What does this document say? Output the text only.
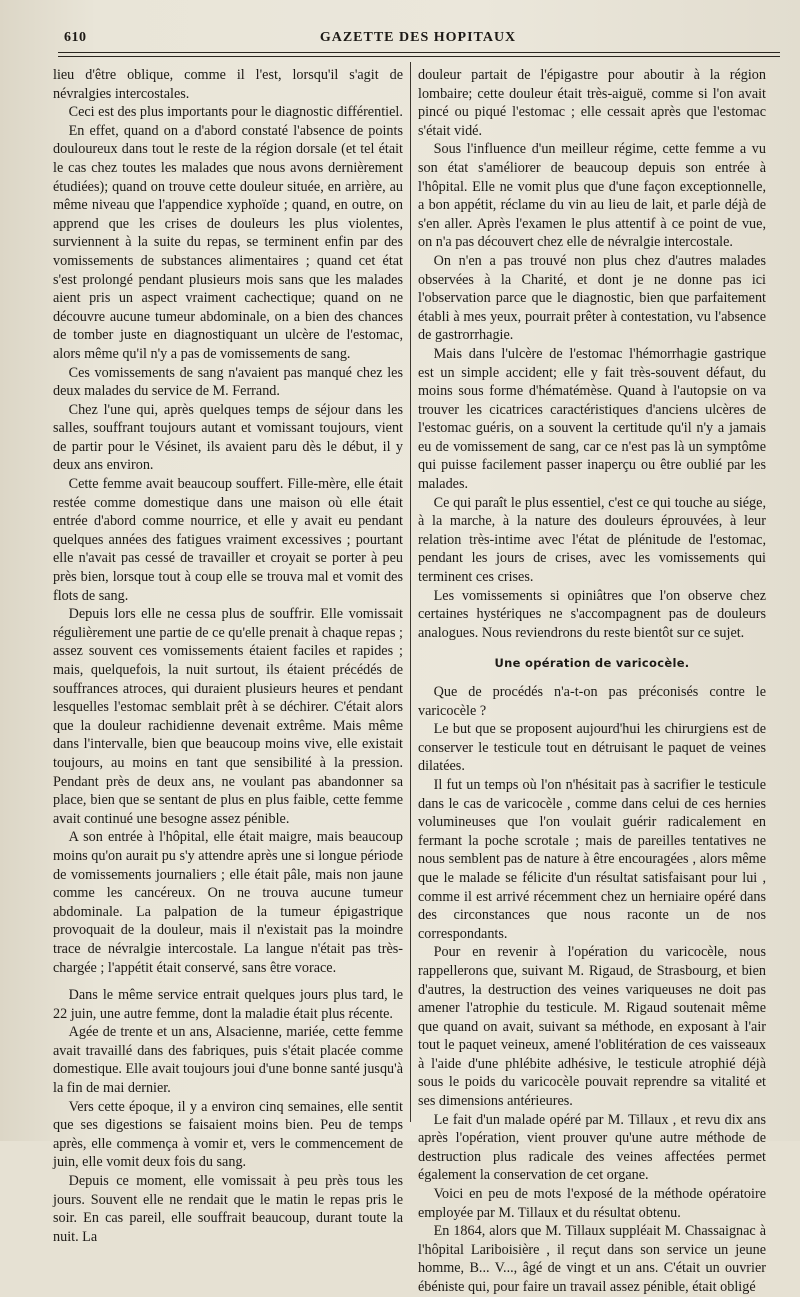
610	GAZETTE DES HOPITAUX

lieu d'être oblique, comme il l'est, lorsqu'il s'agit de névralgies intercostales.

Ceci est des plus importants pour le diagnostic différentiel.

En effet, quand on a d'abord constaté l'absence de points douloureux dans tout le reste de la région dorsale (et tel était le cas chez toutes les malades que nous avons dernièrement étudiées); quand on trouve cette douleur située, en arrière, au même niveau que l'appendice xyphoïde ; quand, en outre, on apprend que les crises de douleurs les plus violentes, surviennent à la suite du repas, se terminent enfin par des vomissements de substances alimentaires ; quand cet état s'est prolongé pendant plusieurs mois sans que les malades aient pris un aspect vraiment cachectique; quand on ne découvre aucune tumeur abdominale, on a bien des chances de tomber juste en diagnostiquant un ulcère de l'estomac, alors même qu'il n'y a pas de vomissements de sang.

Ces vomissements de sang n'avaient pas manqué chez les deux malades du service de M. Ferrand.

Chez l'une qui, après quelques temps de séjour dans les salles, souffrant toujours autant et vomissant toujours, vient de partir pour le Vésinet, ils avaient paru dès le début, il y deux ans environ.

Cette femme avait beaucoup souffert. Fille-mère, elle était restée comme domestique dans une maison où elle était entrée d'abord comme nourrice, et elle y avait eu pendant quelques années des fatigues vraiment excessives ; pourtant elle n'avait pas cessé de travailler et croyait se porter à peu près bien, lorsque tout à coup elle se trouva mal et vomit des flots de sang.

Depuis lors elle ne cessa plus de souffrir. Elle vomissait régulièrement une partie de ce qu'elle prenait à chaque repas ; assez souvent ces vomissements étaient faciles et rapides ; mais, quelquefois, la nuit surtout, ils étaient précédés de souffrances atroces, qui duraient plusieurs heures et pendant lesquelles l'estomac semblait prêt à se déchirer. C'était alors que la douleur rachidienne devenait extrême. Mais même dans l'intervalle, bien que beaucoup moins vive, elle existait toujours, au moins en tant que sensibilité à la pression. Pendant près de deux ans, ne voulant pas abandonner sa place, bien que se sentant de plus en plus faible, cette femme avait continué une besogne assez pénible.

A son entrée à l'hôpital, elle était maigre, mais beaucoup moins qu'on aurait pu s'y attendre après une si longue période de vomissements journaliers ; elle était pâle, mais non jaune comme les cancéreux. On ne trouva aucune tumeur abdominale. La palpation de la tumeur épigastrique provoquait de la douleur, mais il n'existait pas la moindre trace de névralgie intercostale. La langue n'était pas très-chargée ; l'appétit était conservé, sans être vorace.

Dans le même service entrait quelques jours plus tard, le 22 juin, une autre femme, dont la maladie était plus récente.

Agée de trente et un ans, Alsacienne, mariée, cette femme avait travaillé dans des fabriques, puis s'était placée comme domestique. Elle avait toujours joui d'une bonne santé jusqu'à la fin de mai dernier.

Vers cette époque, il y a environ cinq semaines, elle sentit que ses digestions se faisaient moins bien. Peu de temps après, elle commença à vomir et, vers le commencement de juin, elle vomit deux fois du sang.

Depuis ce moment, elle vomissait à peu près tous les jours. Souvent elle ne rendait que le matin le repas pris le soir. En cas pareil, elle souffrait beaucoup, durant toute la nuit. La

douleur partait de l'épigastre pour aboutir à la région lombaire; cette douleur était très-aiguë, comme si l'on avait pincé ou piqué l'estomac ; elle cessait après que l'estomac s'était vidé.

Sous l'influence d'un meilleur régime, cette femme a vu son état s'améliorer de beaucoup depuis son entrée à l'hôpital. Elle ne vomit plus que d'une façon exceptionnelle, a bon appétit, réclame du vin au lieu de lait, et parle déjà de s'en aller. Après l'examen le plus attentif à ce point de vue, on n'a pas découvert chez elle de névralgie intercostale.

On n'en a pas trouvé non plus chez d'autres malades observées à la Charité, et dont je ne donne pas ici l'observation parce que le diagnostic, bien que parfaitement établi à mes yeux, pourrait prêter à contestation, vu l'absence de gastrorrhagie.

Mais dans l'ulcère de l'estomac l'hémorrhagie gastrique est un simple accident; elle y fait très-souvent défaut, du moins sous forme d'hématémèse. Quand à l'autopsie on va trouver les cicatrices caractéristiques d'anciens ulcères de l'estomac guéris, on a souvent la certitude qu'il n'y a jamais eu de vomissement de sang, car ce n'est pas là un symptôme qui puisse facilement passer inaperçu ou être oublié par les malades.

Ce qui paraît le plus essentiel, c'est ce qui touche au siége, à la marche, à la nature des douleurs éprouvées, à leur relation très-intime avec l'état de plénitude de l'estomac, pendant les jours de crises, avec les vomissements qui terminent ces crises.

Les vomissements si opiniâtres que l'on observe chez certaines hystériques ne s'accompagnent pas de douleurs analogues. Nous reviendrons du reste bientôt sur ce sujet.

Une opération de varicocèle.

Que de procédés n'a-t-on pas préconisés contre le varicocèle ?

Le but que se proposent aujourd'hui les chirurgiens est de conserver le testicule tout en détruisant le paquet de veines dilatées.

Il fut un temps où l'on n'hésitait pas à sacrifier le testicule dans le cas de varicocèle , comme dans celui de ces hernies volumineuses que l'on voulait guérir radicalement en fermant la poche scrotale ; mais de pareilles tentatives ne nous semblent pas de nature à être encouragées , alors même que le malade se félicite d'un résultat satisfaisant pour lui , comme il est arrivé récemment chez un herniaire opéré dans des circonstances que nous raconte un de nos correspondants.

Pour en revenir à l'opération du varicocèle, nous rappellerons que, suivant M. Rigaud, de Strasbourg, et bien d'autres, la destruction des veines variqueuses ne doit pas amener l'atrophie du testicule. M. Rigaud soutenait même que quand on avait, suivant sa méthode, en exposant à l'air tout le paquet veineux, amené l'oblitération de ces vaisseaux à l'aide d'une phlébite adhésive, le testicule atrophié déjà sous le poids du varicocèle pouvait reprendre sa vitalité et ses dimensions antérieures.

Le fait d'un malade opéré par M. Tillaux , et revu dix ans après l'opération, vient prouver qu'une autre méthode de destruction plus radicale des veines affectées permet également la conservation de cet organe.

Voici en peu de mots l'exposé de la méthode opératoire employée par M. Tillaux et du résultat obtenu.

En 1864, alors que M. Tillaux suppléait M. Chassaignac à l'hôpital Lariboisière , il reçut dans son service un jeune homme, B... V..., âgé de vingt et un ans. C'était un ouvrier ébéniste qui, pour faire un travail assez pénible, était obligé
